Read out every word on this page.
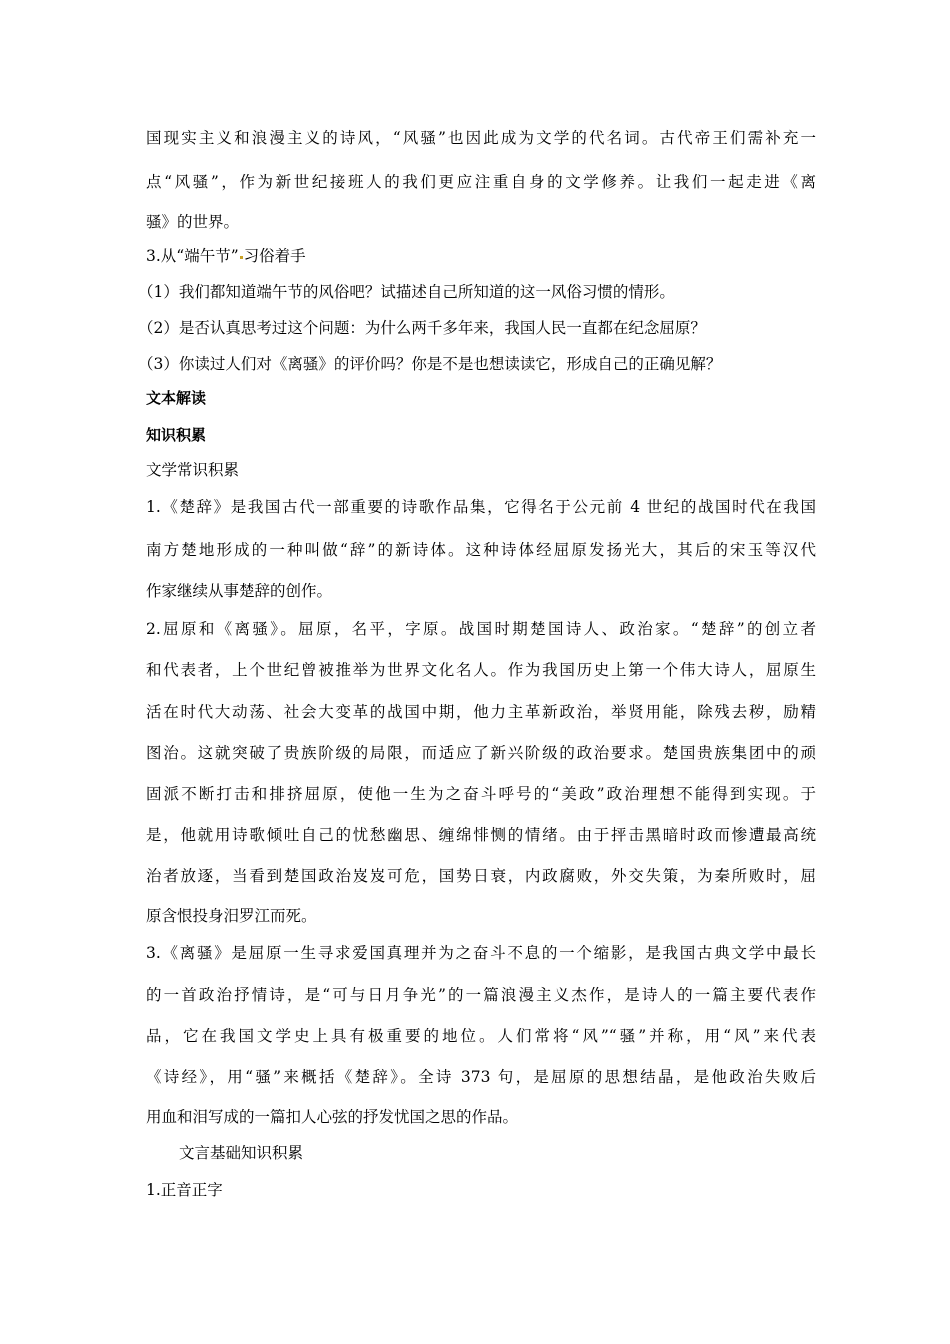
国现实主义和浪漫主义的诗风，“风骚”也因此成为文学的代名词。古代帝王们需补充一
点“风骚”，作为新世纪接班人的我们更应注重自身的文学修养。让我们一起走进《离
骚》的世界。
3.从“端午节” 习俗着手
（1）我们都知道端午节的风俗吧？试描述自己所知道的这一风俗习惯的情形。
（2）是否认真思考过这个问题：为什么两千多年来，我国人民一直都在纪念屈原？
（3）你读过人们对《离骚》的评价吗？你是不是也想读读它，形成自己的正确见解？
文本解读
知识积累
文学常识积累
1.《楚辞》是我国古代一部重要的诗歌作品集，它得名于公元前 4 世纪的战国时代在我国
南方楚地形成的一种叫做“辞”的新诗体。这种诗体经屈原发扬光大，其后的宋玉等汉代
作家继续从事楚辞的创作。
2.屈原和《离骚》。屈原，名平，字原。战国时期楚国诗人、政治家。“楚辞”的创立者
和代表者，上个世纪曾被推举为世界文化名人。作为我国历史上第一个伟大诗人，屈原生
活在时代大动荡、社会大变革的战国中期，他力主革新政治，举贤用能，除残去秽，励精
图治。这就突破了贵族阶级的局限，而适应了新兴阶级的政治要求。楚国贵族集团中的顽
固派不断打击和排挤屈原，使他一生为之奋斗呼号的“美政”政治理想不能得到实现。于
是，他就用诗歌倾吐自己的忧愁幽思、缠绵悱恻的情绪。由于抨击黑暗时政而惨遭最高统
治者放逐，当看到楚国政治岌岌可危，国势日衰，内政腐败，外交失策，为秦所败时，屈
原含恨投身汨罗江而死。
3.《离骚》是屈原一生寻求爱国真理并为之奋斗不息的一个缩影，是我国古典文学中最长
的一首政治抒情诗，是“可与日月争光”的一篇浪漫主义杰作，是诗人的一篇主要代表作
品，它在我国文学史上具有极重要的地位。人们常将“风”“骚”并称，用“风”来代表
《诗经》，用“骚”来概括《楚辞》。全诗 373 句，是屈原的思想结晶，是他政治失败后
用血和泪写成的一篇扣人心弦的抒发忧国之思的作品。
文言基础知识积累
1.正音正字
